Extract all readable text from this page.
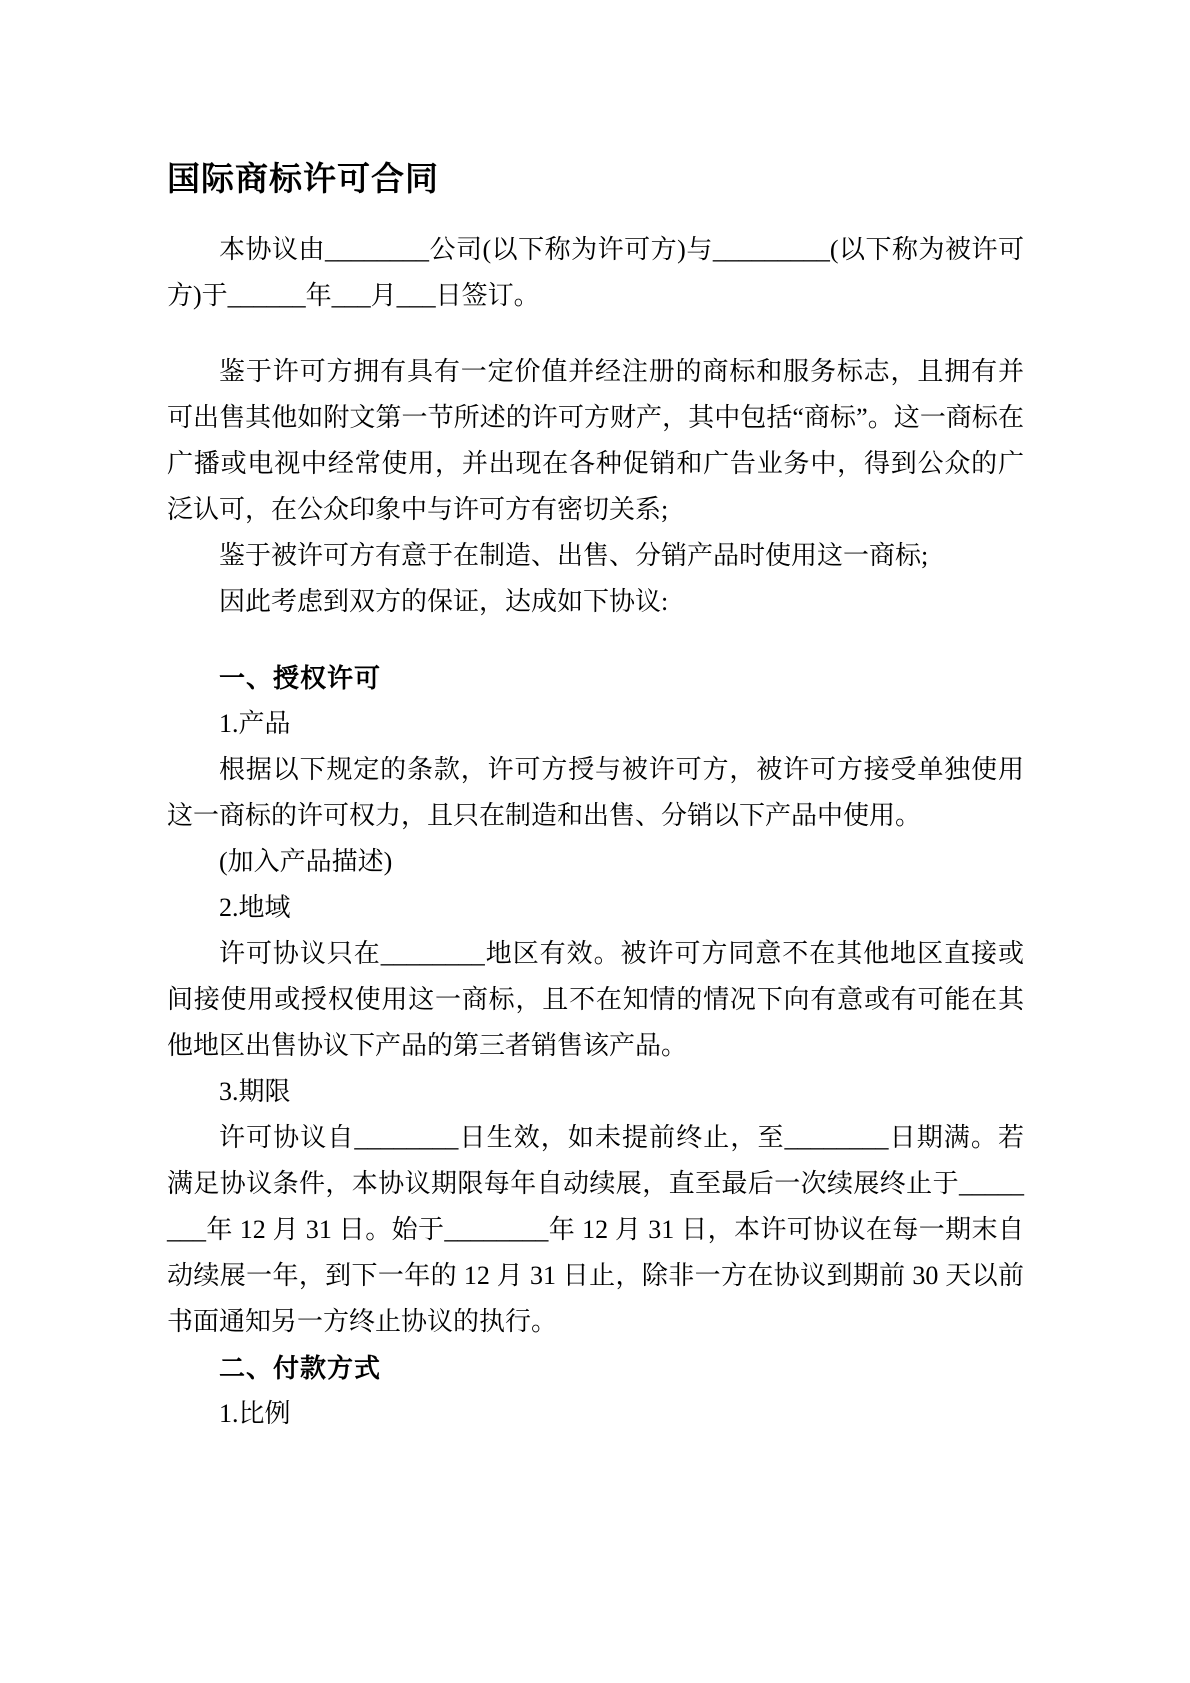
国际商标许可合同

本协议由________公司(以下称为许可方)与_________(以下称为被许可方)于______年___月___日签订。

鉴于许可方拥有具有一定价值并经注册的商标和服务标志，且拥有并可出售其他如附文第一节所述的许可方财产，其中包括“商标”。这一商标在广播或电视中经常使用，并出现在各种促销和广告业务中，得到公众的广泛认可，在公众印象中与许可方有密切关系;

鉴于被许可方有意于在制造、出售、分销产品时使用这一商标;

因此考虑到双方的保证，达成如下协议:

一、授权许可

1.产品

根据以下规定的条款，许可方授与被许可方，被许可方接受单独使用这一商标的许可权力，且只在制造和出售、分销以下产品中使用。

(加入产品描述)

2.地域

许可协议只在________地区有效。被许可方同意不在其他地区直接或间接使用或授权使用这一商标，且不在知情的情况下向有意或有可能在其他地区出售协议下产品的第三者销售该产品。

3.期限

许可协议自________日生效，如未提前终止，至________日期满。若满足协议条件，本协议期限每年自动续展，直至最后一次续展终止于________年 12 月 31 日。始于________年 12 月 31 日，本许可协议在每一期末自动续展一年，到下一年的 12 月 31 日止，除非一方在协议到期前 30 天以前书面通知另一方终止协议的执行。

二、付款方式

1.比例
